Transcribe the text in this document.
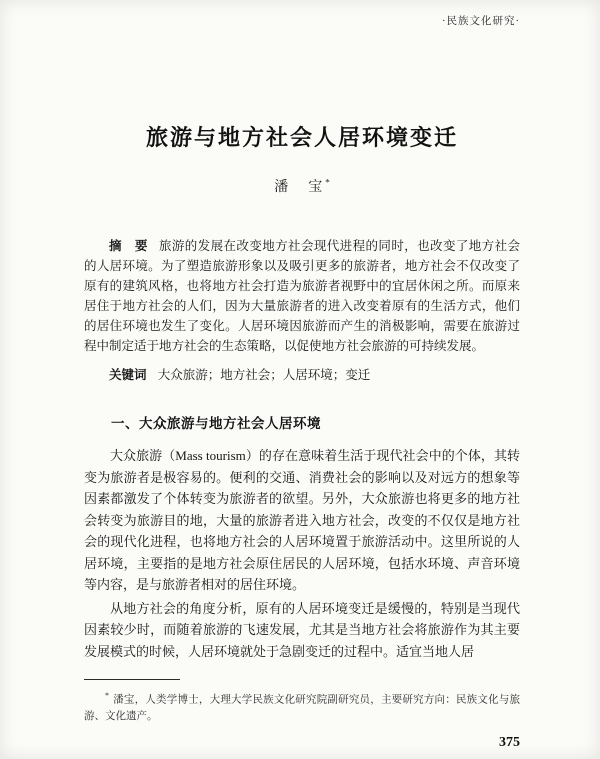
·民族文化研究·
旅游与地方社会人居环境变迁
潘　宝*

摘　要 旅游的发展在改变地方社会现代进程的同时，也改变了地方社会的人居环境。为了塑造旅游形象以及吸引更多的旅游者，地方社会不仅改变了原有的建筑风格，也将地方社会打造为旅游者视野中的宜居休闲之所。而原来居住于地方社会的人们，因为大量旅游者的进入改变着原有的生活方式，他们的居住环境也发生了变化。人居环境因旅游而产生的消极影响，需要在旅游过程中制定适于地方社会的生态策略，以促使地方社会旅游的可持续发展。

关键词 大众旅游；地方社会；人居环境；变迁

一、大众旅游与地方社会人居环境

大众旅游（Mass tourism）的存在意味着生活于现代社会中的个体，其转变为旅游者是极容易的。便利的交通、消费社会的影响以及对远方的想象等因素都激发了个体转变为旅游者的欲望。另外，大众旅游也将更多的地方社会转变为旅游目的地，大量的旅游者进入地方社会，改变的不仅仅是地方社会的现代化进程，也将地方社会的人居环境置于旅游活动中。这里所说的人居环境，主要指的是地方社会原住居民的人居环境，包括水环境、声音环境等内容，是与旅游者相对的居住环境。

从地方社会的角度分析，原有的人居环境变迁是缓慢的，特别是当现代因素较少时，而随着旅游的飞速发展，尤其是当地方社会将旅游作为其主要发展模式的时候，人居环境就处于急剧变迁的过程中。适宜当地人居

* 潘宝，人类学博士，大理大学民族文化研究院副研究员，主要研究方向：民族文化与旅游、文化遗产。

375
